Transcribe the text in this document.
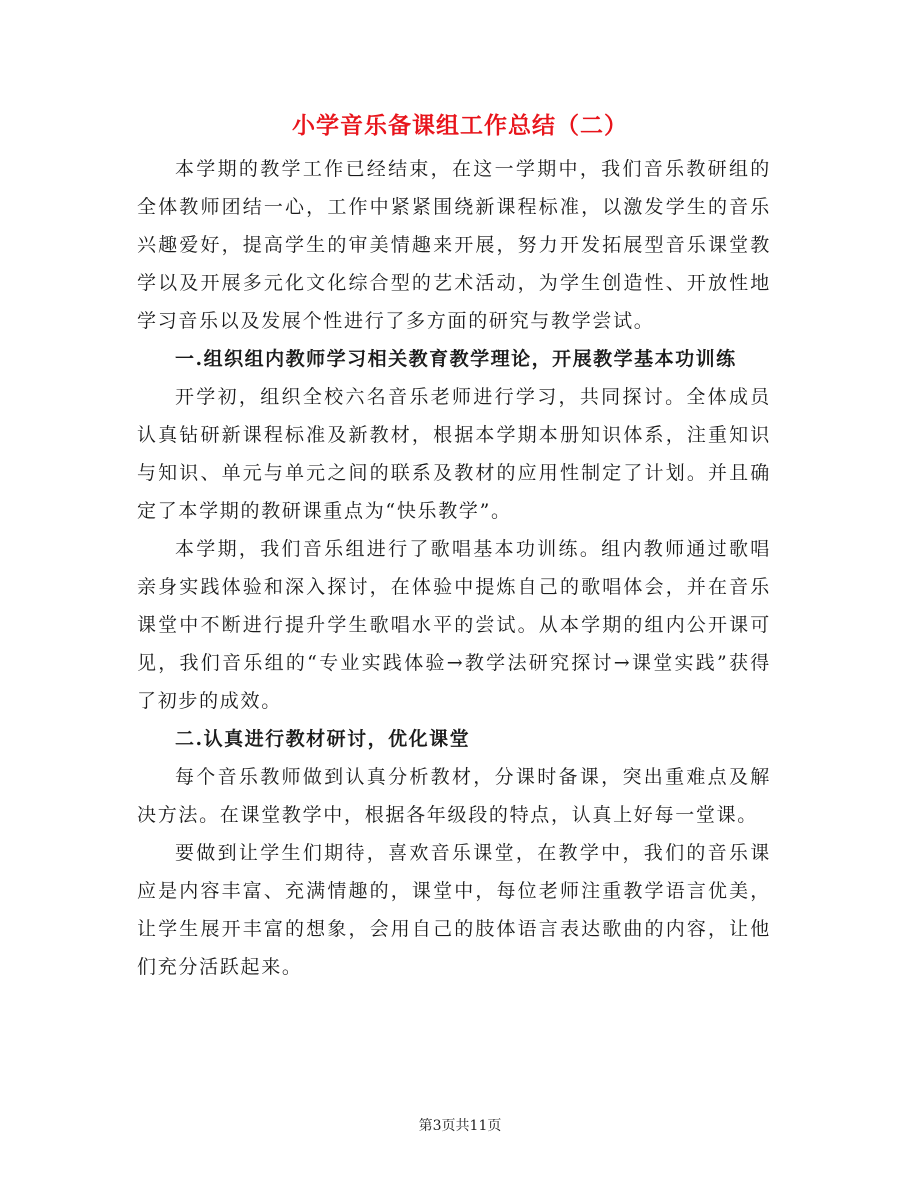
小学音乐备课组工作总结（二）

本学期的教学工作已经结束，在这一学期中，我们音乐教研组的全体教师团结一心，工作中紧紧围绕新课程标准，以激发学生的音乐兴趣爱好，提高学生的审美情趣来开展，努力开发拓展型音乐课堂教学以及开展多元化文化综合型的艺术活动，为学生创造性、开放性地学习音乐以及发展个性进行了多方面的研究与教学尝试。

一.组织组内教师学习相关教育教学理论，开展教学基本功训练

开学初，组织全校六名音乐老师进行学习，共同探讨。全体成员认真钻研新课程标准及新教材，根据本学期本册知识体系，注重知识与知识、单元与单元之间的联系及教材的应用性制定了计划。并且确定了本学期的教研课重点为“快乐教学”。

本学期，我们音乐组进行了歌唱基本功训练。组内教师通过歌唱亲身实践体验和深入探讨，在体验中提炼自己的歌唱体会，并在音乐课堂中不断进行提升学生歌唱水平的尝试。从本学期的组内公开课可见，我们音乐组的“专业实践体验→教学法研究探讨→课堂实践”获得了初步的成效。

二.认真进行教材研讨，优化课堂

每个音乐教师做到认真分析教材，分课时备课，突出重难点及解决方法。在课堂教学中，根据各年级段的特点，认真上好每一堂课。

要做到让学生们期待，喜欢音乐课堂，在教学中，我们的音乐课应是内容丰富、充满情趣的，课堂中，每位老师注重教学语言优美，让学生展开丰富的想象，会用自己的肢体语言表达歌曲的内容，让他们充分活跃起来。

第3页共11页
